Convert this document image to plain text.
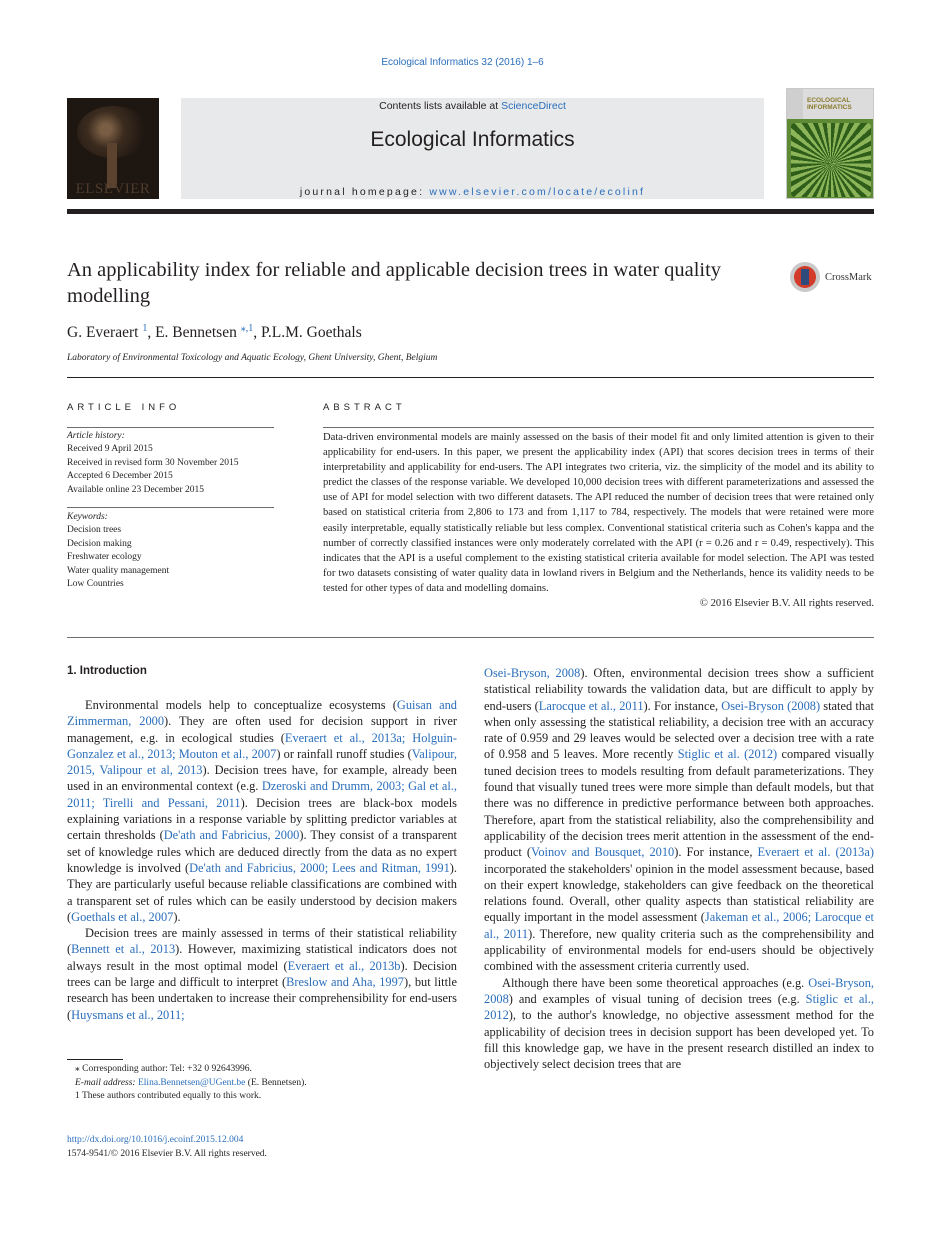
Ecological Informatics 32 (2016) 1–6
ELSEVIER
Contents lists available at ScienceDirect
Ecological Informatics
journal homepage: www.elsevier.com/locate/ecolinf
ECOLOGICAL INFORMATICS
An applicability index for reliable and applicable decision trees in water quality modelling
CrossMark
G. Everaert $^1$, E. Bennetsen $^{⁎,1}$, P.L.M. Goethals
Laboratory of Environmental Toxicology and Aquatic Ecology, Ghent University, Ghent, Belgium
ARTICLE INFO
Article history:
Received 9 April 2015
Received in revised form 30 November 2015
Accepted 6 December 2015
Available online 23 December 2015
Keywords:
Decision trees
Decision making
Freshwater ecology
Water quality management
Low Countries
ABSTRACT
Data-driven environmental models are mainly assessed on the basis of their model fit and only limited attention is given to their applicability for end-users. In this paper, we present the applicability index (API) that scores decision trees in terms of their interpretability and applicability for end-users. The API integrates two criteria, viz. the simplicity of the model and its ability to predict the classes of the response variable. We developed 10,000 decision trees with different parameterizations and assessed the use of API for model selection with two different datasets. The API reduced the number of decision trees that were retained only based on statistical criteria from 2,806 to 173 and from 1,117 to 784, respectively. The models that were retained were more easily interpretable, equally statistically reliable but less complex. Conventional statistical criteria such as Cohen's kappa and the number of correctly classified instances were only moderately correlated with the API (r = 0.26 and r = 0.49, respectively). This indicates that the API is a useful complement to the existing statistical criteria available for model selection. The API was tested for two datasets consisting of water quality data in lowland rivers in Belgium and the Netherlands, hence its validity needs to be tested for other types of data and modelling domains.
© 2016 Elsevier B.V. All rights reserved.
1. Introduction

Environmental models help to conceptualize ecosystems (Guisan and Zimmerman, 2000). They are often used for decision support in river management, e.g. in ecological studies (Everaert et al., 2013a; Holguin-Gonzalez et al., 2013; Mouton et al., 2007) or rainfall runoff studies (Valipour, 2015, Valipour et al, 2013). Decision trees have, for example, already been used in an environmental context (e.g. Dzeroski and Drumm, 2003; Gal et al., 2011; Tirelli and Pessani, 2011). Decision trees are black-box models explaining variations in a response variable by splitting predictor variables at certain thresholds (De'ath and Fabricius, 2000). They consist of a transparent set of knowledge rules which are deduced directly from the data as no expert knowledge is involved (De'ath and Fabricius, 2000; Lees and Ritman, 1991). They are particularly useful because reliable classifications are combined with a transparent set of rules which can be easily understood by decision makers (Goethals et al., 2007).

Decision trees are mainly assessed in terms of their statistical reliability (Bennett et al., 2013). However, maximizing statistical indicators does not always result in the most optimal model (Everaert et al., 2013b). Decision trees can be large and difficult to interpret (Breslow and Aha, 1997), but little research has been undertaken to increase their comprehensibility for end-users (Huysmans et al., 2011;

Osei-Bryson, 2008). Often, environmental decision trees show a sufficient statistical reliability towards the validation data, but are difficult to apply by end-users (Larocque et al., 2011). For instance, Osei-Bryson (2008) stated that when only assessing the statistical reliability, a decision tree with an accuracy rate of 0.959 and 29 leaves would be selected over a decision tree with a rate of 0.958 and 5 leaves. More recently Stiglic et al. (2012) compared visually tuned decision trees to models resulting from default parameterizations. They found that visually tuned trees were more simple than default models, but that there was no difference in predictive performance between both approaches. Therefore, apart from the statistical reliability, also the comprehensibility and applicability of the decision trees merit attention in the assessment of the end-product (Voinov and Bousquet, 2010). For instance, Everaert et al. (2013a) incorporated the stakeholders' opinion in the model assessment because, based on their expert knowledge, stakeholders can give feedback on the theoretical relations found. Overall, other quality aspects than statistical reliability are equally important in the model assessment (Jakeman et al., 2006; Larocque et al., 2011). Therefore, new quality criteria such as the comprehensibility and applicability of environmental models for end-users should be objectively combined with the assessment criteria currently used.

Although there have been some theoretical approaches (e.g. Osei-Bryson, 2008) and examples of visual tuning of decision trees (e.g. Stiglic et al., 2012), to the author's knowledge, no objective assessment method for the applicability of decision trees in decision support has been developed yet. To fill this knowledge gap, we have in the present research distilled an index to objectively select decision trees that are

⁎ Corresponding author: Tel: +32 0 92643996.
E-mail address: Elina.Bennetsen@UGent.be (E. Bennetsen).
1 These authors contributed equally to this work.
http://dx.doi.org/10.1016/j.ecoinf.2015.12.004
1574-9541/© 2016 Elsevier B.V. All rights reserved.
